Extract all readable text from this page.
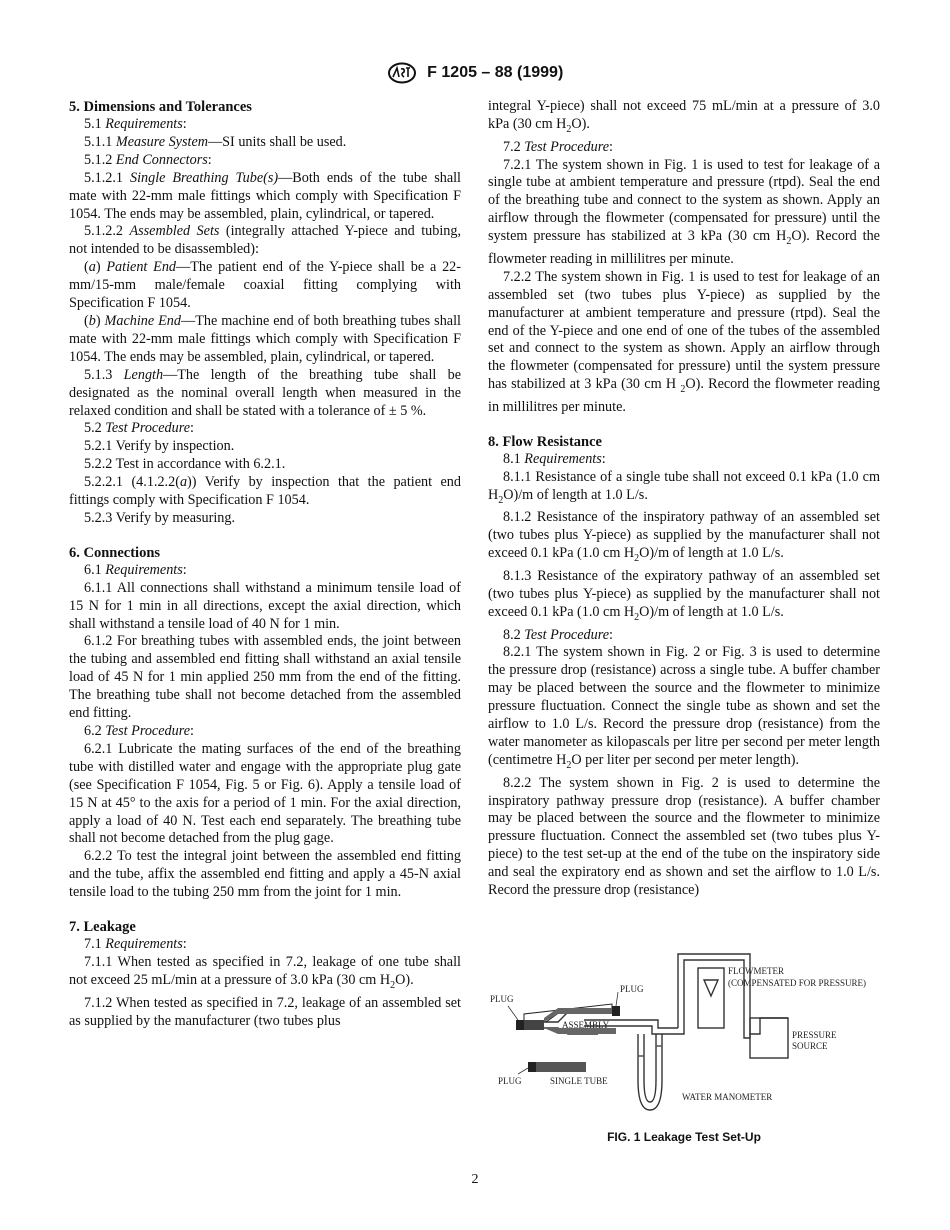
F 1205 – 88 (1999)
5. Dimensions and Tolerances

5.1 Requirements:

5.1.1 Measure System—SI units shall be used.

5.1.2 End Connectors:

5.1.2.1 Single Breathing Tube(s)—Both ends of the tube shall mate with 22-mm male fittings which comply with Specification F 1054. The ends may be assembled, plain, cylindrical, or tapered.

5.1.2.2 Assembled Sets (integrally attached Y-piece and tubing, not intended to be disassembled):

(a) Patient End—The patient end of the Y-piece shall be a 22-mm/15-mm male/female coaxial fitting complying with Specification F 1054.

(b) Machine End—The machine end of both breathing tubes shall mate with 22-mm male fittings which comply with Specification F 1054. The ends may be assembled, plain, cylindrical, or tapered.

5.1.3 Length—The length of the breathing tube shall be designated as the nominal overall length when measured in the relaxed condition and shall be stated with a tolerance of ± 5 %.

5.2 Test Procedure:

5.2.1 Verify by inspection.

5.2.2 Test in accordance with 6.2.1.

5.2.2.1 (4.1.2.2(a)) Verify by inspection that the patient end fittings comply with Specification F 1054.

5.2.3 Verify by measuring.

6. Connections

6.1 Requirements:

6.1.1 All connections shall withstand a minimum tensile load of 15 N for 1 min in all directions, except the axial direction, which shall withstand a tensile load of 40 N for 1 min.

6.1.2 For breathing tubes with assembled ends, the joint between the tubing and assembled end fitting shall withstand an axial tensile load of 45 N for 1 min applied 250 mm from the end of the fitting. The breathing tube shall not become detached from the assembled end fitting.

6.2 Test Procedure:

6.2.1 Lubricate the mating surfaces of the end of the breathing tube with distilled water and engage with the appropriate plug gate (see Specification F 1054, Fig. 5 or Fig. 6). Apply a tensile load of 15 N at 45° to the axis for a period of 1 min. For the axial direction, apply a load of 40 N. Test each end separately. The breathing tube shall not become detached from the plug gage.

6.2.2 To test the integral joint between the assembled end fitting and the tube, affix the assembled end fitting and apply a 45-N axial tensile load to the tubing 250 mm from the joint for 1 min.

7. Leakage

7.1 Requirements:

7.1.1 When tested as specified in 7.2, leakage of one tube shall not exceed 25 mL/min at a pressure of 3.0 kPa (30 cm $H_2O$).

7.1.2 When tested as specified in 7.2, leakage of an assembled set as supplied by the manufacturer (two tubes plus

integral Y-piece) shall not exceed 75 mL/min at a pressure of 3.0 kPa (30 cm $H_2O$).

7.2 Test Procedure:

7.2.1 The system shown in Fig. 1 is used to test for leakage of a single tube at ambient temperature and pressure (rtpd). Seal the end of the breathing tube and connect to the system as shown. Apply an airflow through the flowmeter (compensated for pressure) until the system pressure has stabilized at 3 kPa (30 cm $H_2O$). Record the flowmeter reading in millilitres per minute.

7.2.2 The system shown in Fig. 1 is used to test for leakage of an assembled set (two tubes plus Y-piece) as supplied by the manufacturer at ambient temperature and pressure (rtpd). Seal the end of the Y-piece and one end of one of the tubes of the assembled set and connect to the system as shown. Apply an airflow through the flowmeter (compensated for pressure) until the system pressure has stabilized at 3 kPa (30 cm H $_2$O). Record the flowmeter reading in millilitres per minute.

8. Flow Resistance

8.1 Requirements:

8.1.1 Resistance of a single tube shall not exceed 0.1 kPa (1.0 cm $H_2O)/m$ of length at 1.0 L/s.

8.1.2 Resistance of the inspiratory pathway of an assembled set (two tubes plus Y-piece) as supplied by the manufacturer shall not exceed 0.1 kPa (1.0 cm $H_2O)/m$ of length at 1.0 L/s.

8.1.3 Resistance of the expiratory pathway of an assembled set (two tubes plus Y-piece) as supplied by the manufacturer shall not exceed 0.1 kPa (1.0 cm $H_2O)/m$ of length at 1.0 L/s.

8.2 Test Procedure:

8.2.1 The system shown in Fig. 2 or Fig. 3 is used to determine the pressure drop (resistance) across a single tube. A buffer chamber may be placed between the source and the flowmeter to minimize pressure fluctuation. Connect the single tube as shown and set the airflow to 1.0 L/s. Record the pressure drop (resistance) from the water manometer as kilopascals per litre per second per meter length (centimetre $H_2O$ per liter per second per meter length).

8.2.2 The system shown in Fig. 2 is used to determine the inspiratory pathway pressure drop (resistance). A buffer chamber may be placed between the source and the flowmeter to minimize pressure fluctuation. Connect the assembled set (two tubes plus Y-piece) to the test set-up at the end of the tube on the inspiratory side and seal the expiratory end as shown and set the airflow to 1.0 L/s. Record the pressure drop (resistance)

FLOWMETER
(COMPENSATED FOR PRESSURE)
PLUG
PLUG
ASSEMBLY
PRESSURE
SOURCE
PLUG	SINGLE TUBE
WATER MANOMETER
FIG. 1 Leakage Test Set-Up
2
